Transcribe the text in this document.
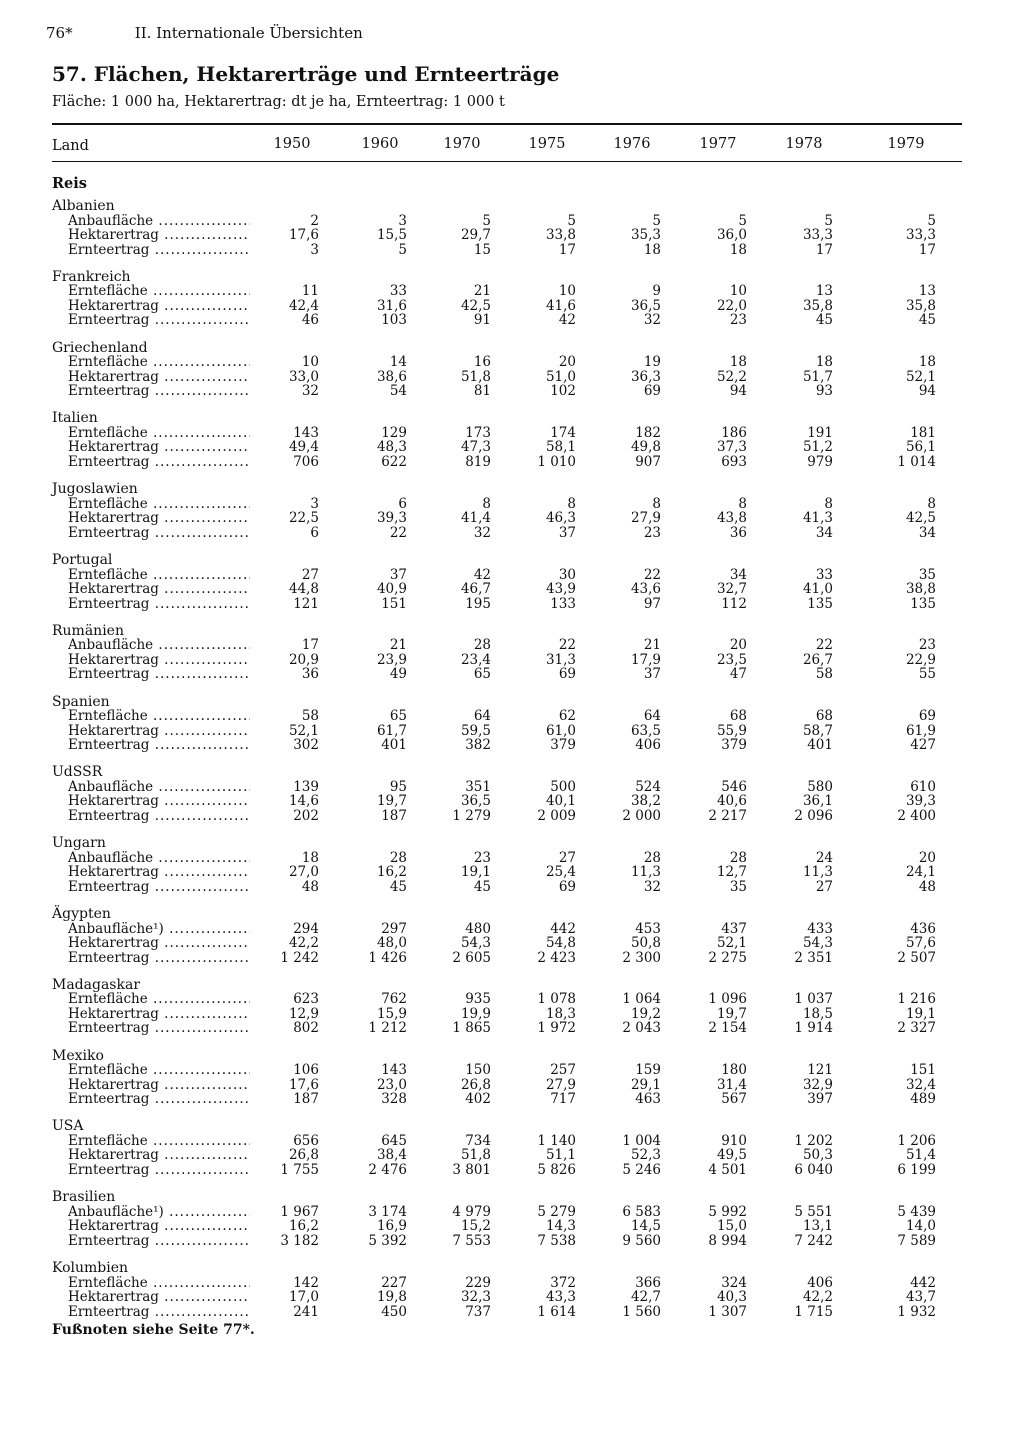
76*	II. Internationale Übersichten
57. Flächen, Hektarerträge und Ernteerträge
Fläche: 1 000 ha, Hektarertrag: dt je ha, Ernteertrag: 1 000 t
Land	1950	1960	1970	1975	1976	1977	1978	1979
Reis
Albanien
Anbaufläche .....	2	3	5	5	5	5	5	5
Hektarertrag .....	17,6	15,5	29,7	33,8	35,3	36,0	33,3	33,3
Ernteertrag .....	3	5	15	17	18	18	17	17
Frankreich
Erntefläche .....	11	33	21	10	9	10	13	13
Hektarertrag .....	42,4	31,6	42,5	41,6	36,5	22,0	35,8	35,8
Ernteertrag .....	46	103	91	42	32	23	45	45
Griechenland
Erntefläche .....	10	14	16	20	19	18	18	18
Hektarertrag .....	33,0	38,6	51,8	51,0	36,3	52,2	51,7	52,1
Ernteertrag .....	32	54	81	102	69	94	93	94
Italien
Erntefläche .....	143	129	173	174	182	186	191	181
Hektarertrag .....	49,4	48,3	47,3	58,1	49,8	37,3	51,2	56,1
Ernteertrag .....	706	622	819	1 010	907	693	979	1 014
Jugoslawien
Erntefläche .....	3	6	8	8	8	8	8	8
Hektarertrag .....	22,5	39,3	41,4	46,3	27,9	43,8	41,3	42,5
Ernteertrag .....	6	22	32	37	23	36	34	34
Portugal
Erntefläche .....	27	37	42	30	22	34	33	35
Hektarertrag .....	44,8	40,9	46,7	43,9	43,6	32,7	41,0	38,8
Ernteertrag .....	121	151	195	133	97	112	135	135
Rumänien
Anbaufläche .....	17	21	28	22	21	20	22	23
Hektarertrag .....	20,9	23,9	23,4	31,3	17,9	23,5	26,7	22,9
Ernteertrag .....	36	49	65	69	37	47	58	55
Spanien
Erntefläche .....	58	65	64	62	64	68	68	69
Hektarertrag .....	52,1	61,7	59,5	61,0	63,5	55,9	58,7	61,9
Ernteertrag .....	302	401	382	379	406	379	401	427
UdSSR
Anbaufläche .....	139	95	351	500	524	546	580	610
Hektarertrag .....	14,6	19,7	36,5	40,1	38,2	40,6	36,1	39,3
Ernteertrag .....	202	187	1 279	2 009	2 000	2 217	2 096	2 400
Ungarn
Anbaufläche .....	18	28	23	27	28	28	24	20
Hektarertrag .....	27,0	16,2	19,1	25,4	11,3	12,7	11,3	24,1
Ernteertrag .....	48	45	45	69	32	35	27	48
Ägypten
Anbaufläche¹) .....	294	297	480	442	453	437	433	436
Hektarertrag .....	42,2	48,0	54,3	54,8	50,8	52,1	54,3	57,6
Ernteertrag .....	1 242	1 426	2 605	2 423	2 300	2 275	2 351	2 507
Madagaskar
Erntefläche .....	623	762	935	1 078	1 064	1 096	1 037	1 216
Hektarertrag .....	12,9	15,9	19,9	18,3	19,2	19,7	18,5	19,1
Ernteertrag .....	802	1 212	1 865	1 972	2 043	2 154	1 914	2 327
Mexiko
Erntefläche .....	106	143	150	257	159	180	121	151
Hektarertrag .....	17,6	23,0	26,8	27,9	29,1	31,4	32,9	32,4
Ernteertrag .....	187	328	402	717	463	567	397	489
USA
Erntefläche .....	656	645	734	1 140	1 004	910	1 202	1 206
Hektarertrag .....	26,8	38,4	51,8	51,1	52,3	49,5	50,3	51,4
Ernteertrag .....	1 755	2 476	3 801	5 826	5 246	4 501	6 040	6 199
Brasilien
Anbaufläche¹) .....	1 967	3 174	4 979	5 279	6 583	5 992	5 551	5 439
Hektarertrag .....	16,2	16,9	15,2	14,3	14,5	15,0	13,1	14,0
Ernteertrag .....	3 182	5 392	7 553	7 538	9 560	8 994	7 242	7 589
Kolumbien
Erntefläche .....	142	227	229	372	366	324	406	442
Hektarertrag .....	17,0	19,8	32,3	43,3	42,7	40,3	42,2	43,7
Ernteertrag .....	241	450	737	1 614	1 560	1 307	1 715	1 932
Fußnoten siehe Seite 77*.
